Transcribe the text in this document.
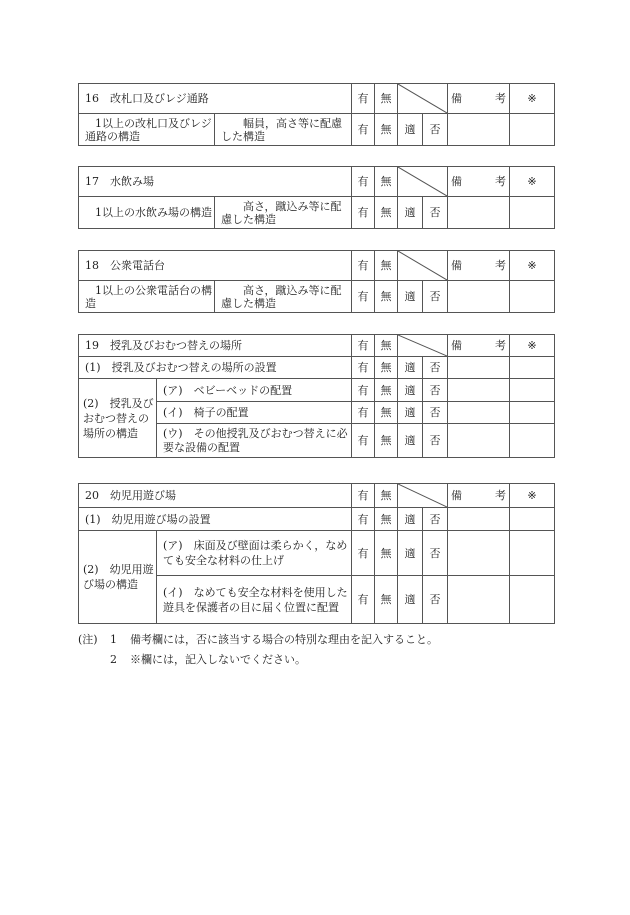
16　改札口及びレジ通路		有	無			備　　　 考	※
1以上の改札口及びレジ通路の構造	幅員，高さ等に配慮した構造	有	無	適	否		
17　水飲み場		有	無			備　　　 考	※
1以上の水飲み場の構造	高さ，蹴込み等に配慮した構造	有	無	適	否		
18　公衆電話台		有	無			備　　　 考	※
1以上の公衆電話台の構造	高さ，蹴込み等に配慮した構造	有	無	適	否		
19　授乳及びおむつ替えの場所		有	無			備　　　 考	※
(1)　授乳及びおむつ替えの場所の設置		有	無	適	否		
(2)　授乳及びおむつ替えの場所の構造	(ア)　ベビーベッドの配置	有	無	適	否		
	(イ)　椅子の配置	有	無	適	否		
	(ウ)　その他授乳及びおむつ替えに必要な設備の配置	有	無	適	否		
20　幼児用遊び場		有	無			備　　　 考	※
(1)　幼児用遊び場の設置		有	無	適	否		
(2)　幼児用遊び場の構造	(ア)　床面及び壁面は柔らかく，なめても安全な材料の仕上げ	有	無	適	否		
	(イ)　なめても安全な材料を使用した遊具を保護者の目に届く位置に配置	有	無	適	否		
(注) 1 備考欄には，否に該当する場合の特別な理由を記入すること。
2 ※欄には，記入しないでください。
